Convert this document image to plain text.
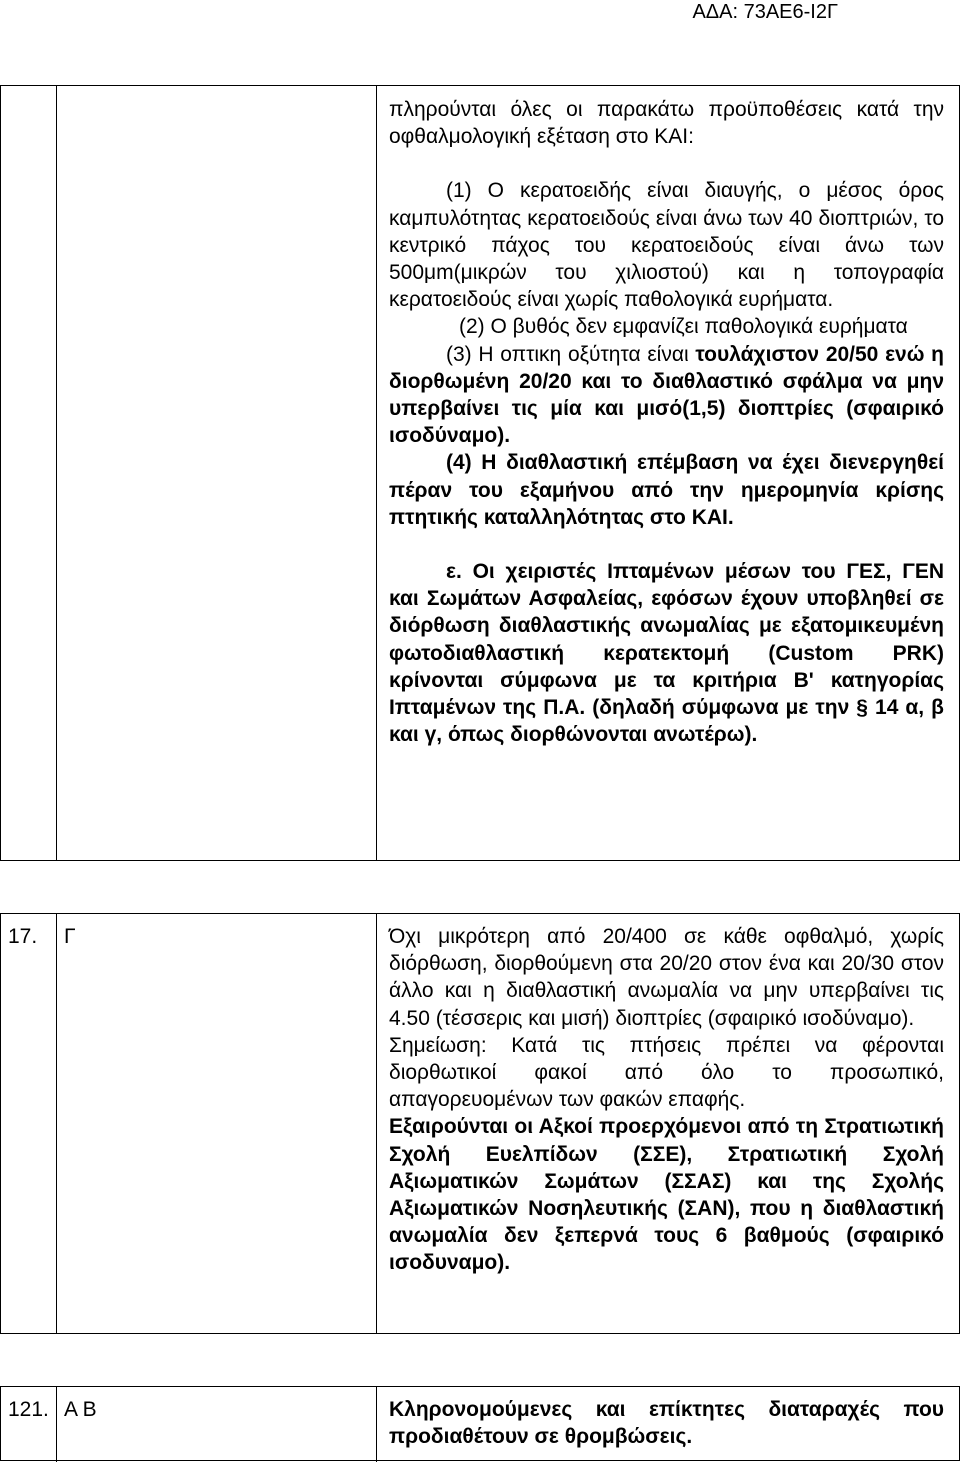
ΑΔΑ: 73ΑΕ6-Ι2Γ

πληρούνται όλες οι παρακάτω προϋποθέσεις κατά την οφθαλμολογική εξέταση στο ΚΑΙ:

(1) Ο κερατοειδής είναι διαυγής, ο μέσος όρος καμπυλότητας κερατοειδούς είναι άνω των 40 διοπτριών, το κεντρικό πάχος του κερατοειδούς είναι άνω των 500μm(μικρών του χιλιοστού) και η τοπογραφία κερατοειδούς είναι χωρίς παθολογικά ευρήματα.

(2) Ο βυθός δεν εμφανίζει παθολογικά ευρήματα

(3) Η οπτικη οξύτητα είναι τουλάχιστον 20/50 ενώ η διορθωμένη 20/20 και το διαθλαστικό σφάλμα να μην υπερβαίνει τις μία και μισό(1,5) διοπτρίες (σφαιρικό ισοδύναμο).

(4) Η διαθλαστική επέμβαση να έχει διενεργηθεί πέραν του εξαμήνου από την ημερομηνία κρίσης πτητικής καταλληλότητας στο ΚΑΙ.

ε. Οι χειριστές Ιπταμένων μέσων του ΓΕΣ, ΓΕΝ και Σωμάτων Ασφαλείας, εφόσων έχουν υποβληθεί σε διόρθωση διαθλαστικής ανωμαλίας με εξατομικευμένη φωτοδιαθλαστική κερατεκτομή (Custom PRK) κρίνονται σύμφωνα με τα κριτήρια Β' κατηγορίας Ιπταμένων της Π.Α. (δηλαδή σύμφωνα με την § 14 α, β και γ, όπως διορθώνονται ανωτέρω).

17. Γ	Όχι μικρότερη από 20/400 σε κάθε οφθαλμό, χωρίς διόρθωση, διορθούμενη στα 20/20 στον ένα και 20/30 στον άλλο και η διαθλαστική ανωμαλία να μην υπερβαίνει τις 4.50 (τέσσερις και μισή) διοπτρίες (σφαιρικό ισοδύναμο).

Σημείωση: Κατά τις πτήσεις πρέπει να φέρονται διορθωτικοί φακοί από όλο το προσωπικό, απαγορευομένων των φακών επαφής.

Εξαιρούνται οι Αξκοί προερχόμενοι από τη Στρατιωτική Σχολή Ευελπίδων (ΣΣΕ), Στρατιωτική Σχολή Αξιωματικών Σωμάτων (ΣΣΑΣ) και της Σχολής Αξιωματικών Νοσηλευτικής (ΣΑΝ), που η διαθλαστική ανωμαλία δεν ξεπερνά τους 6 βαθμούς (σφαιρικό ισοδυναμο).

121. Α Β	Κληρονομούμενες και επίκτητες διαταραχές που προδιαθέτουν σε θρομβώσεις.
